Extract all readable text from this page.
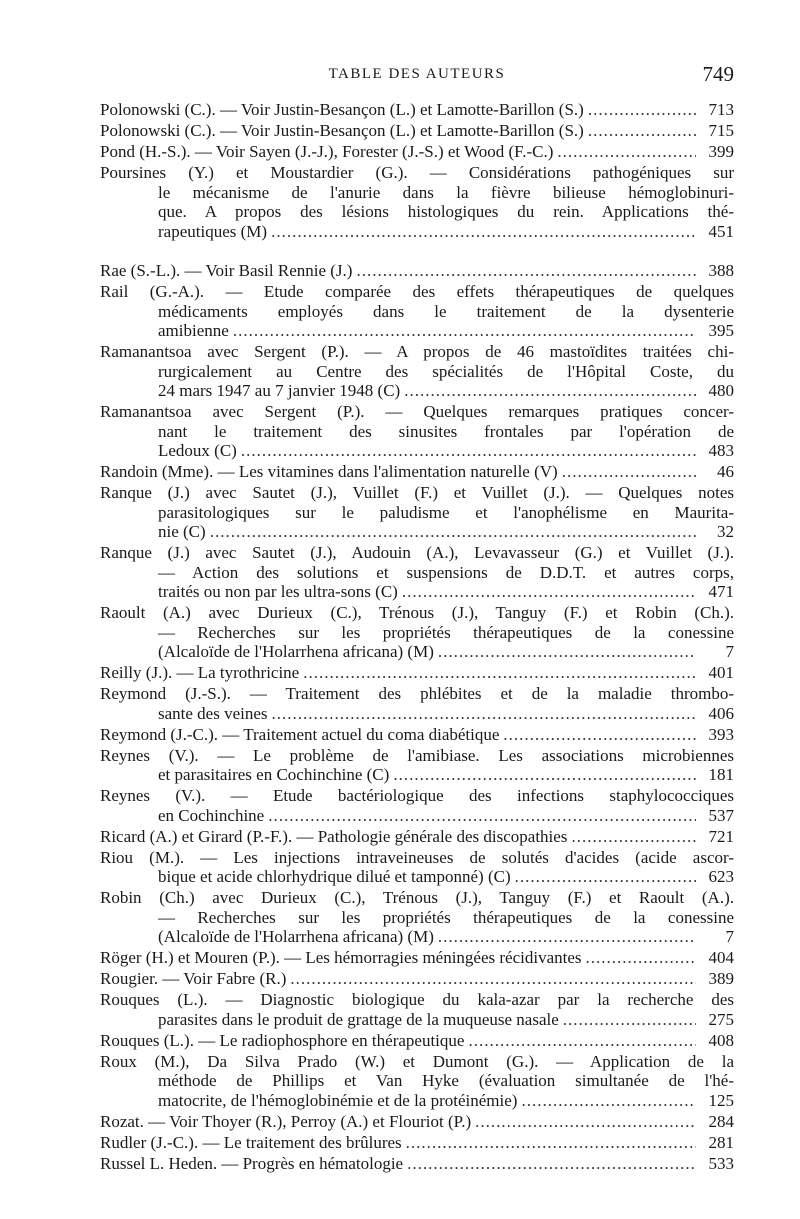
TABLE DES AUTEURS	749
Polonowski (C.). — Voir Justin-Besançon (L.) et Lamotte-Barillon (S.) .....	713
Polonowski (C.). — Voir Justin-Besançon (L.) et Lamotte-Barillon (S.) .....	715
Pond (H.-S.). — Voir Sayen (J.-J.), Forester (J.-S.) et Wood (F.-C.) .....	399
Poursines (Y.) et Moustardier (G.). — Considérations pathogéniques sur
le mécanisme de l'anurie dans la fièvre bilieuse hémoglobinuri-
que. A propos des lésions histologiques du rein. Applications thé-
rapeutiques (M) .....	451
Rae (S.-L.). — Voir Basil Rennie (J.) .....	388
Rail (G.-A.). — Etude comparée des effets thérapeutiques de quelques
médicaments employés dans le traitement de la dysenterie
amibienne .....	395
Ramanantsoa avec Sergent (P.). — A propos de 46 mastoïdites traitées chi-
rurgicalement au Centre des spécialités de l'Hôpital Coste, du
24 mars 1947 au 7 janvier 1948 (C) .....	480
Ramanantsoa avec Sergent (P.). — Quelques remarques pratiques concer-
nant le traitement des sinusites frontales par l'opération de
Ledoux (C) .....	483
Randoin (Mme). — Les vitamines dans l'alimentation naturelle (V) .....	46
Ranque (J.) avec Sautet (J.), Vuillet (F.) et Vuillet (J.). — Quelques notes
parasitologiques sur le paludisme et l'anophélisme en Maurita-
nie (C) .....	32
Ranque (J.) avec Sautet (J.), Audouin (A.), Levavasseur (G.) et Vuillet (J.).
— Action des solutions et suspensions de D.D.T. et autres corps,
traités ou non par les ultra-sons (C) .....	471
Raoult (A.) avec Durieux (C.), Trénous (J.), Tanguy (F.) et Robin (Ch.).
— Recherches sur les propriétés thérapeutiques de la conessine
(Alcaloïde de l'Holarrhena africana) (M) .....	7
Reilly (J.). — La tyrothricine .....	401
Reymond (J.-S.). — Traitement des phlébites et de la maladie thrombo-
sante des veines .....	406
Reymond (J.-C.). — Traitement actuel du coma diabétique .....	393
Reynes (V.). — Le problème de l'amibiase. Les associations microbiennes
et parasitaires en Cochinchine (C) .....	181
Reynes (V.). — Etude bactériologique des infections staphylococciques
en Cochinchine .....	537
Ricard (A.) et Girard (P.-F.). — Pathologie générale des discopathies .....	721
Riou (M.). — Les injections intraveineuses de solutés d'acides (acide ascor-
bique et acide chlorhydrique dilué et tamponné) (C) .....	623
Robin (Ch.) avec Durieux (C.), Trénous (J.), Tanguy (F.) et Raoult (A.).
— Recherches sur les propriétés thérapeutiques de la conessine
(Alcaloïde de l'Holarrhena africana) (M) .....	7
Röger (H.) et Mouren (P.). — Les hémorragies méningées récidivantes .....	404
Rougier. — Voir Fabre (R.) .....	389
Rouques (L.). — Diagnostic biologique du kala-azar par la recherche des
parasites dans le produit de grattage de la muqueuse nasale .....	275
Rouques (L.). — Le radiophosphore en thérapeutique .....	408
Roux (M.), Da Silva Prado (W.) et Dumont (G.). — Application de la
méthode de Phillips et Van Hyke (évaluation simultanée de l'hé-
matocrite, de l'hémoglobinémie et de la protéinémie) .....	125
Rozat. — Voir Thoyer (R.), Perroy (A.) et Flouriot (P.) .....	284
Rudler (J.-C.). — Le traitement des brûlures .....	281
Russel L. Heden. — Progrès en hématologie .....	533
